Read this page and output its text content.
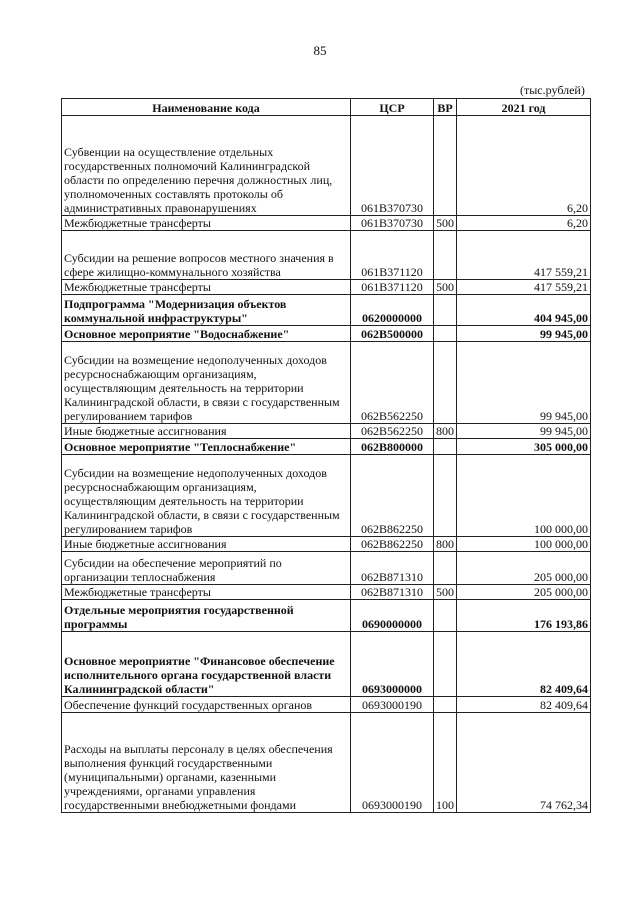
85
(тыс.рублей)
Наименование кода	ЦСР	ВР	2021 год
Субвенции на осуществление отдельных государственных полномочий Калининградской области по определению перечня должностных лиц, уполномоченных составлять протоколы об административных правонарушениях	061В370730		6,20
Межбюджетные трансферты	061В370730	500	6,20
Субсидии на решение вопросов местного значения в сфере жилищно-коммунального хозяйства	061В371120		417 559,21
Межбюджетные трансферты	061В371120	500	417 559,21
Подпрограмма "Модернизация объектов коммунальной инфраструктуры"	0620000000		404 945,00
Основное мероприятие "Водоснабжение"	062В500000		99 945,00
Субсидии на возмещение недополученных доходов ресурсноснабжающим организациям, осуществляющим деятельность на территории Калининградской области, в связи с государственным регулированием тарифов	062В562250		99 945,00
Иные бюджетные ассигнования	062В562250	800	99 945,00
Основное мероприятие "Теплоснабжение"	062В800000		305 000,00
Субсидии на возмещение недополученных доходов ресурсноснабжающим организациям, осуществляющим деятельность на территории Калининградской области, в связи с государственным регулированием тарифов	062В862250		100 000,00
Иные бюджетные ассигнования	062В862250	800	100 000,00
Субсидии на обеспечение мероприятий по организации теплоснабжения	062В871310		205 000,00
Межбюджетные трансферты	062В871310	500	205 000,00
Отдельные мероприятия государственной программы	0690000000		176 193,86
Основное мероприятие "Финансовое обеспечение исполнительного органа государственной власти Калининградской области"	0693000000		82 409,64
Обеспечение функций государственных органов	0693000190		82 409,64
Расходы на выплаты персоналу в целях обеспечения выполнения функций государственными (муниципальными) органами, казенными учреждениями, органами управления государственными внебюджетными фондами	0693000190	100	74 762,34
